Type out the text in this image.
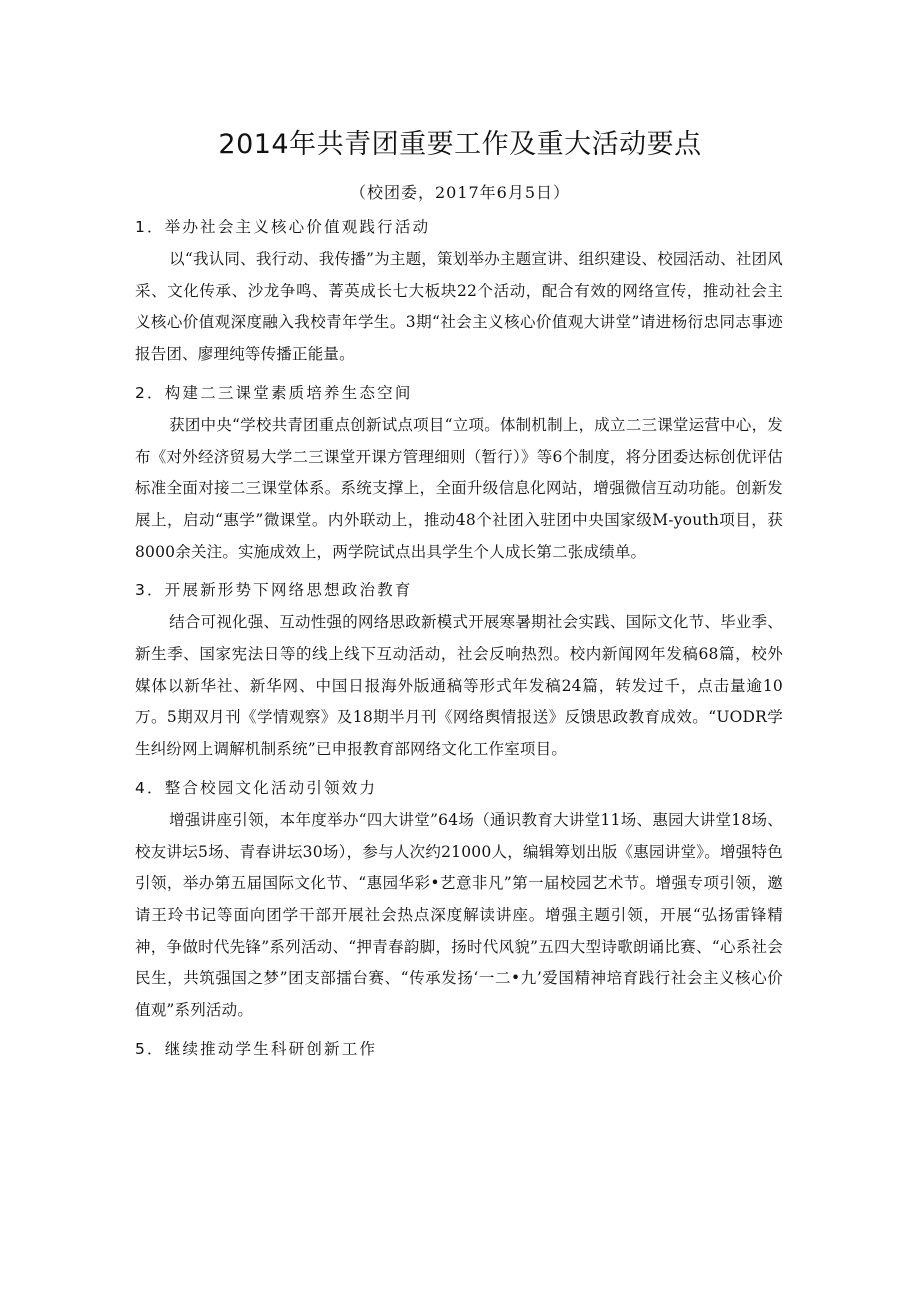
2014年共青团重要工作及重大活动要点
（校团委，2017年6月5日）
1．举办社会主义核心价值观践行活动

以“我认同、我行动、我传播”为主题，策划举办主题宣讲、组织建设、校园活动、社团风采、文化传承、沙龙争鸣、菁英成长七大板块22个活动，配合有效的网络宣传，推动社会主义核心价值观深度融入我校青年学生。3期“社会主义核心价值观大讲堂”请进杨衍忠同志事迹报告团、廖理纯等传播正能量。

2．构建二三课堂素质培养生态空间

获团中央“学校共青团重点创新试点项目“立项。体制机制上，成立二三课堂运营中心，发布《对外经济贸易大学二三课堂开课方管理细则（暂行）》等6个制度，将分团委达标创优评估标准全面对接二三课堂体系。系统支撑上，全面升级信息化网站，增强微信互动功能。创新发展上，启动“惠学”微课堂。内外联动上，推动48个社团入驻团中央国家级M-youth项目，获8000余关注。实施成效上，两学院试点出具学生个人成长第二张成绩单。

3．开展新形势下网络思想政治教育

结合可视化强、互动性强的网络思政新模式开展寒暑期社会实践、国际文化节、毕业季、新生季、国家宪法日等的线上线下互动活动，社会反响热烈。校内新闻网年发稿68篇，校外媒体以新华社、新华网、中国日报海外版通稿等形式年发稿24篇，转发过千，点击量逾10万。5期双月刊《学情观察》及18期半月刊《网络舆情报送》反馈思政教育成效。“UODR学生纠纷网上调解机制系统”已申报教育部网络文化工作室项目。

4．整合校园文化活动引领效力

增强讲座引领，本年度举办“四大讲堂”64场（通识教育大讲堂11场、惠园大讲堂18场、校友讲坛5场、青春讲坛30场），参与人次约21000人，编辑筹划出版《惠园讲堂》。增强特色引领，举办第五届国际文化节、“惠园华彩•艺意非凡”第一届校园艺术节。增强专项引领，邀请王玲书记等面向团学干部开展社会热点深度解读讲座。增强主题引领，开展“弘扬雷锋精神，争做时代先锋”系列活动、“押青春韵脚，扬时代风貌”五四大型诗歌朗诵比赛、“心系社会民生，共筑强国之梦”团支部擂台赛、“传承发扬‘一二•九’爱国精神培育践行社会主义核心价值观”系列活动。

5．继续推动学生科研创新工作
